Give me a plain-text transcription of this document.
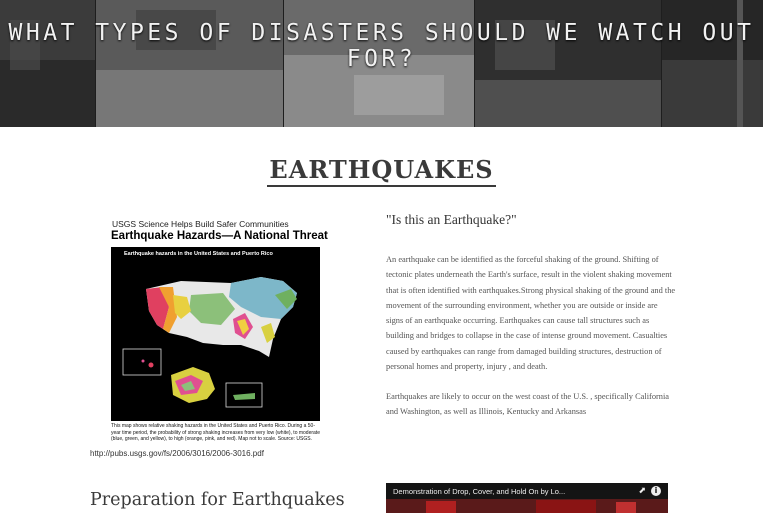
WHAT TYPES OF DISASTERS SHOULD WE WATCH OUT FOR?
EARTHQUAKES
USGS Science Helps Build Safer Communities
Earthquake Hazards—A National Threat
Earthquake hazards in the United States and Puerto Rico
This map shows relative shaking hazards in the United States and Puerto Rico. During a 50-year time period, the probability of strong shaking increases from very low (white), to moderate (blue, green, and yellow), to high (orange, pink, and red). Map not to scale. Source: USGS.
http://pubs.usgs.gov/fs/2006/3016/2006-3016.pdf
"Is this an Earthquake?"

An earthquake can be identified as the forceful shaking of the ground. Shifting of tectonic plates underneath the Earth's surface, result in the violent shaking movement that is often identified with earthquakes.Strong physical shaking of the ground and the movement of the surrounding environment, whether you are outside or inside are signs of an earthquake occurring. Earthquakes can cause tall structures such as building and bridges to collapse in the case of intense ground movement. Casualties caused by earthquakes can range from damaged building structures, destruction of personal homes and property, injury , and death.

Earthquakes are likely to occur on the west coast of the U.S. , specifically California and Washington, as well as Illinois, Kentucky and Arkansas

Preparation for Earthquakes	Demonstration of Drop, Cover, and Hold On by Lo...	⬈	i
